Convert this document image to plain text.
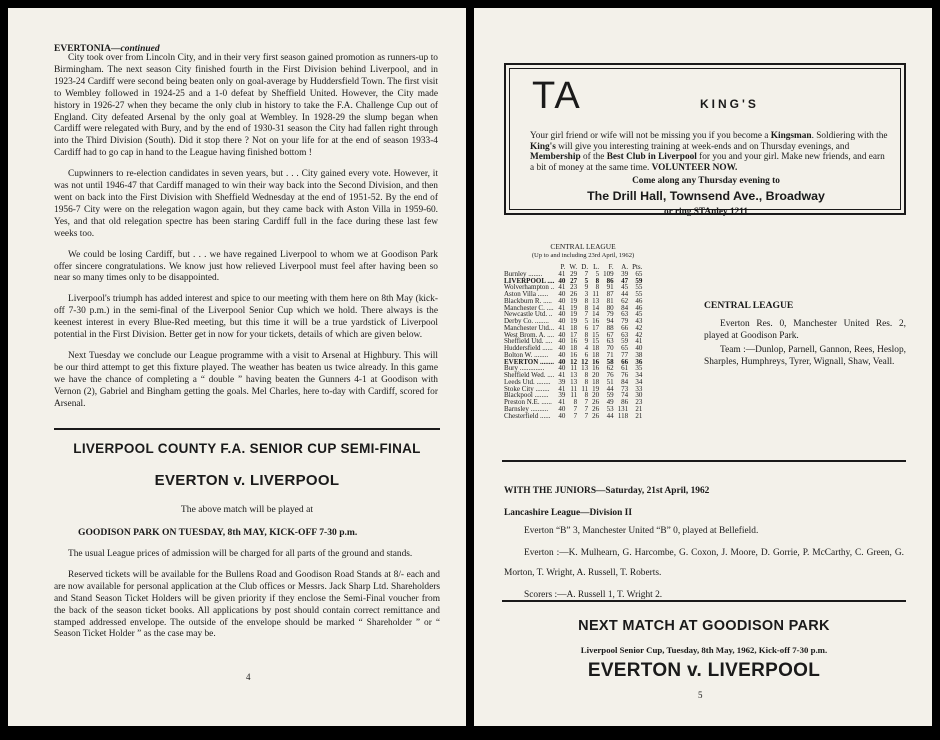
EVERTONIA—continued

City took over from Lincoln City, and in their very first season gained promotion as runners-up to Birmingham. The next season City finished fourth in the First Division behind Liverpool, and in 1923-24 Cardiff were second being beaten only on goal-average by Huddersfield Town. The first visit to Wembley followed in 1924-25 and a 1-0 defeat by Sheffield United. However, the City made history in 1926-27 when they became the only club in history to take the F.A. Challenge Cup out of England. City defeated Arsenal by the only goal at Wembley. In 1928-29 the slump began when Cardiff were relegated with Bury, and by the end of 1930-31 season the City had fallen right through into the Third Division (South). Did it stop there ? Not on your life for at the end of season 1933-4 Cardiff had to go cap in hand to the League having finished bottom !

Cupwinners to re-election candidates in seven years, but . . . City gained every vote. However, it was not until 1946-47 that Cardiff managed to win their way back into the Second Division, and then went on back into the First Division with Sheffield Wednesday at the end of 1951-52. By the end of 1956-7 City were on the relegation wagon again, but they came back with Aston Villa in 1959-60. Yes, and that old relegation spectre has been staring Cardiff full in the face during these last few weeks too.

We could be losing Cardiff, but . . . we have regained Liverpool to whom we at Goodison Park offer sincere congratulations. We know just how relieved Liverpool must feel after having been so near so many times only to be disappointed.

Liverpool's triumph has added interest and spice to our meeting with them here on 8th May (kick-off 7-30 p.m.) in the semi-final of the Liverpool Senior Cup which we hold. There always is the keenest interest in every Blue-Red meeting, but this time it will be a true yardstick of Liverpool potential in the First Division. Better get in now for your tickets, details of which are given below.

Next Tuesday we conclude our League programme with a visit to Arsenal at Highbury. This will be our third attempt to get this fixture played. The weather has beaten us twice already. In this game we have the chance of completing a “ double ” having beaten the Gunners 4-1 at Goodison with Vernon (2), Gabriel and Bingham getting the goals. Mel Charles, here to-day with Cardiff, scored for Arsenal.

LIVERPOOL COUNTY F.A. SENIOR CUP SEMI-FINAL
EVERTON v. LIVERPOOL
The above match will be played at
GOODISON PARK ON TUESDAY, 8th MAY, KICK-OFF 7-30 p.m.

The usual League prices of admission will be charged for all parts of the ground and stands.

Reserved tickets will be available for the Bullens Road and Goodison Road Stands at 8/- each and are now available for personal application at the Club offices or Messrs. Jack Sharp Ltd. Shareholders and Stand Season Ticket Holders will be given priority if they enclose the Semi-Final voucher from the back of the season ticket books. All applications by post should contain correct remittance and stamped addressed envelope. The outside of the envelope should be marked “ Shareholder ” or “ Season Ticket Holder ” as the case may be.

4
TA	KING'S
Your girl friend or wife will not be missing you if you become a Kingsman. Soldiering with the King's will give you interesting training at week-ends and on Thursday evenings, and Membership of the Best Club in Liverpool for you and your girl. Make new friends, and earn a bit of money at the same time. VOLUNTEER NOW.
Come along any Thursday evening to
The Drill Hall, Townsend Ave., Broadway
or ring STAnley 1211
CENTRAL LEAGUE
(Up to and including 23rd April, 1962)
	P.	W.	D.	L.	F.	A.	Pts.
Burnley ........	41	29	7	5	109	39	65
LIVERPOOL ....	40	27	5	8	86	47	59
Wolverhampton ..	41	23	9	8	91	45	55
Aston Villa ......	40	26	3	11	87	44	55
Blackburn R. .....	40	19	8	13	81	62	46
Manchester C. ....	41	19	8	14	80	84	46
Newcastle Utd. ..	40	19	7	14	79	63	45
Derby Co. ........	40	19	5	16	94	79	43
Manchester Utd...	41	18	6	17	88	66	42
West Brom. A. ....	40	17	8	15	67	63	42
Sheffield Utd. ....	40	16	9	15	63	59	41
Huddersfield ......	40	18	4	18	70	65	40
Bolton W. ........	40	16	6	18	71	77	38
EVERTON ........	40	12	12	16	58	66	36
Bury ..............	40	11	13	16	62	61	35
Sheffield Wed. ....	41	13	8	20	76	76	34
Leeds Utd. ........	39	13	8	18	51	84	34
Stoke City ........	41	11	11	19	44	73	33
Blackpool ........	39	11	8	20	59	74	30
Preston N.E. ......	41	8	7	26	49	86	23
Barnsley ..........	40	7	7	26	53	131	21
Chesterfield ......	40	7	7	26	44	118	21
CENTRAL LEAGUE

Everton Res. 0, Manchester United Res. 2, played at Goodison Park.

Team :—Dunlop, Parnell, Gannon, Rees, Heslop, Sharples, Humphreys, Tyrer, Wignall, Shaw, Veall.

WITH THE JUNIORS—Saturday, 21st April, 1962
Lancashire League—Division II

Everton “B” 3, Manchester United “B” 0, played at Bellefield.

Everton :—K. Mulhearn, G. Harcombe, G. Coxon, J. Moore, D. Gorrie, P. McCarthy, C. Green, G. Morton, T. Wright, A. Russell, T. Roberts.

Scorers :—A. Russell 1, T. Wright 2.

NEXT MATCH AT GOODISON PARK
Liverpool Senior Cup, Tuesday, 8th May, 1962, Kick-off 7-30 p.m.
EVERTON v. LIVERPOOL
5
